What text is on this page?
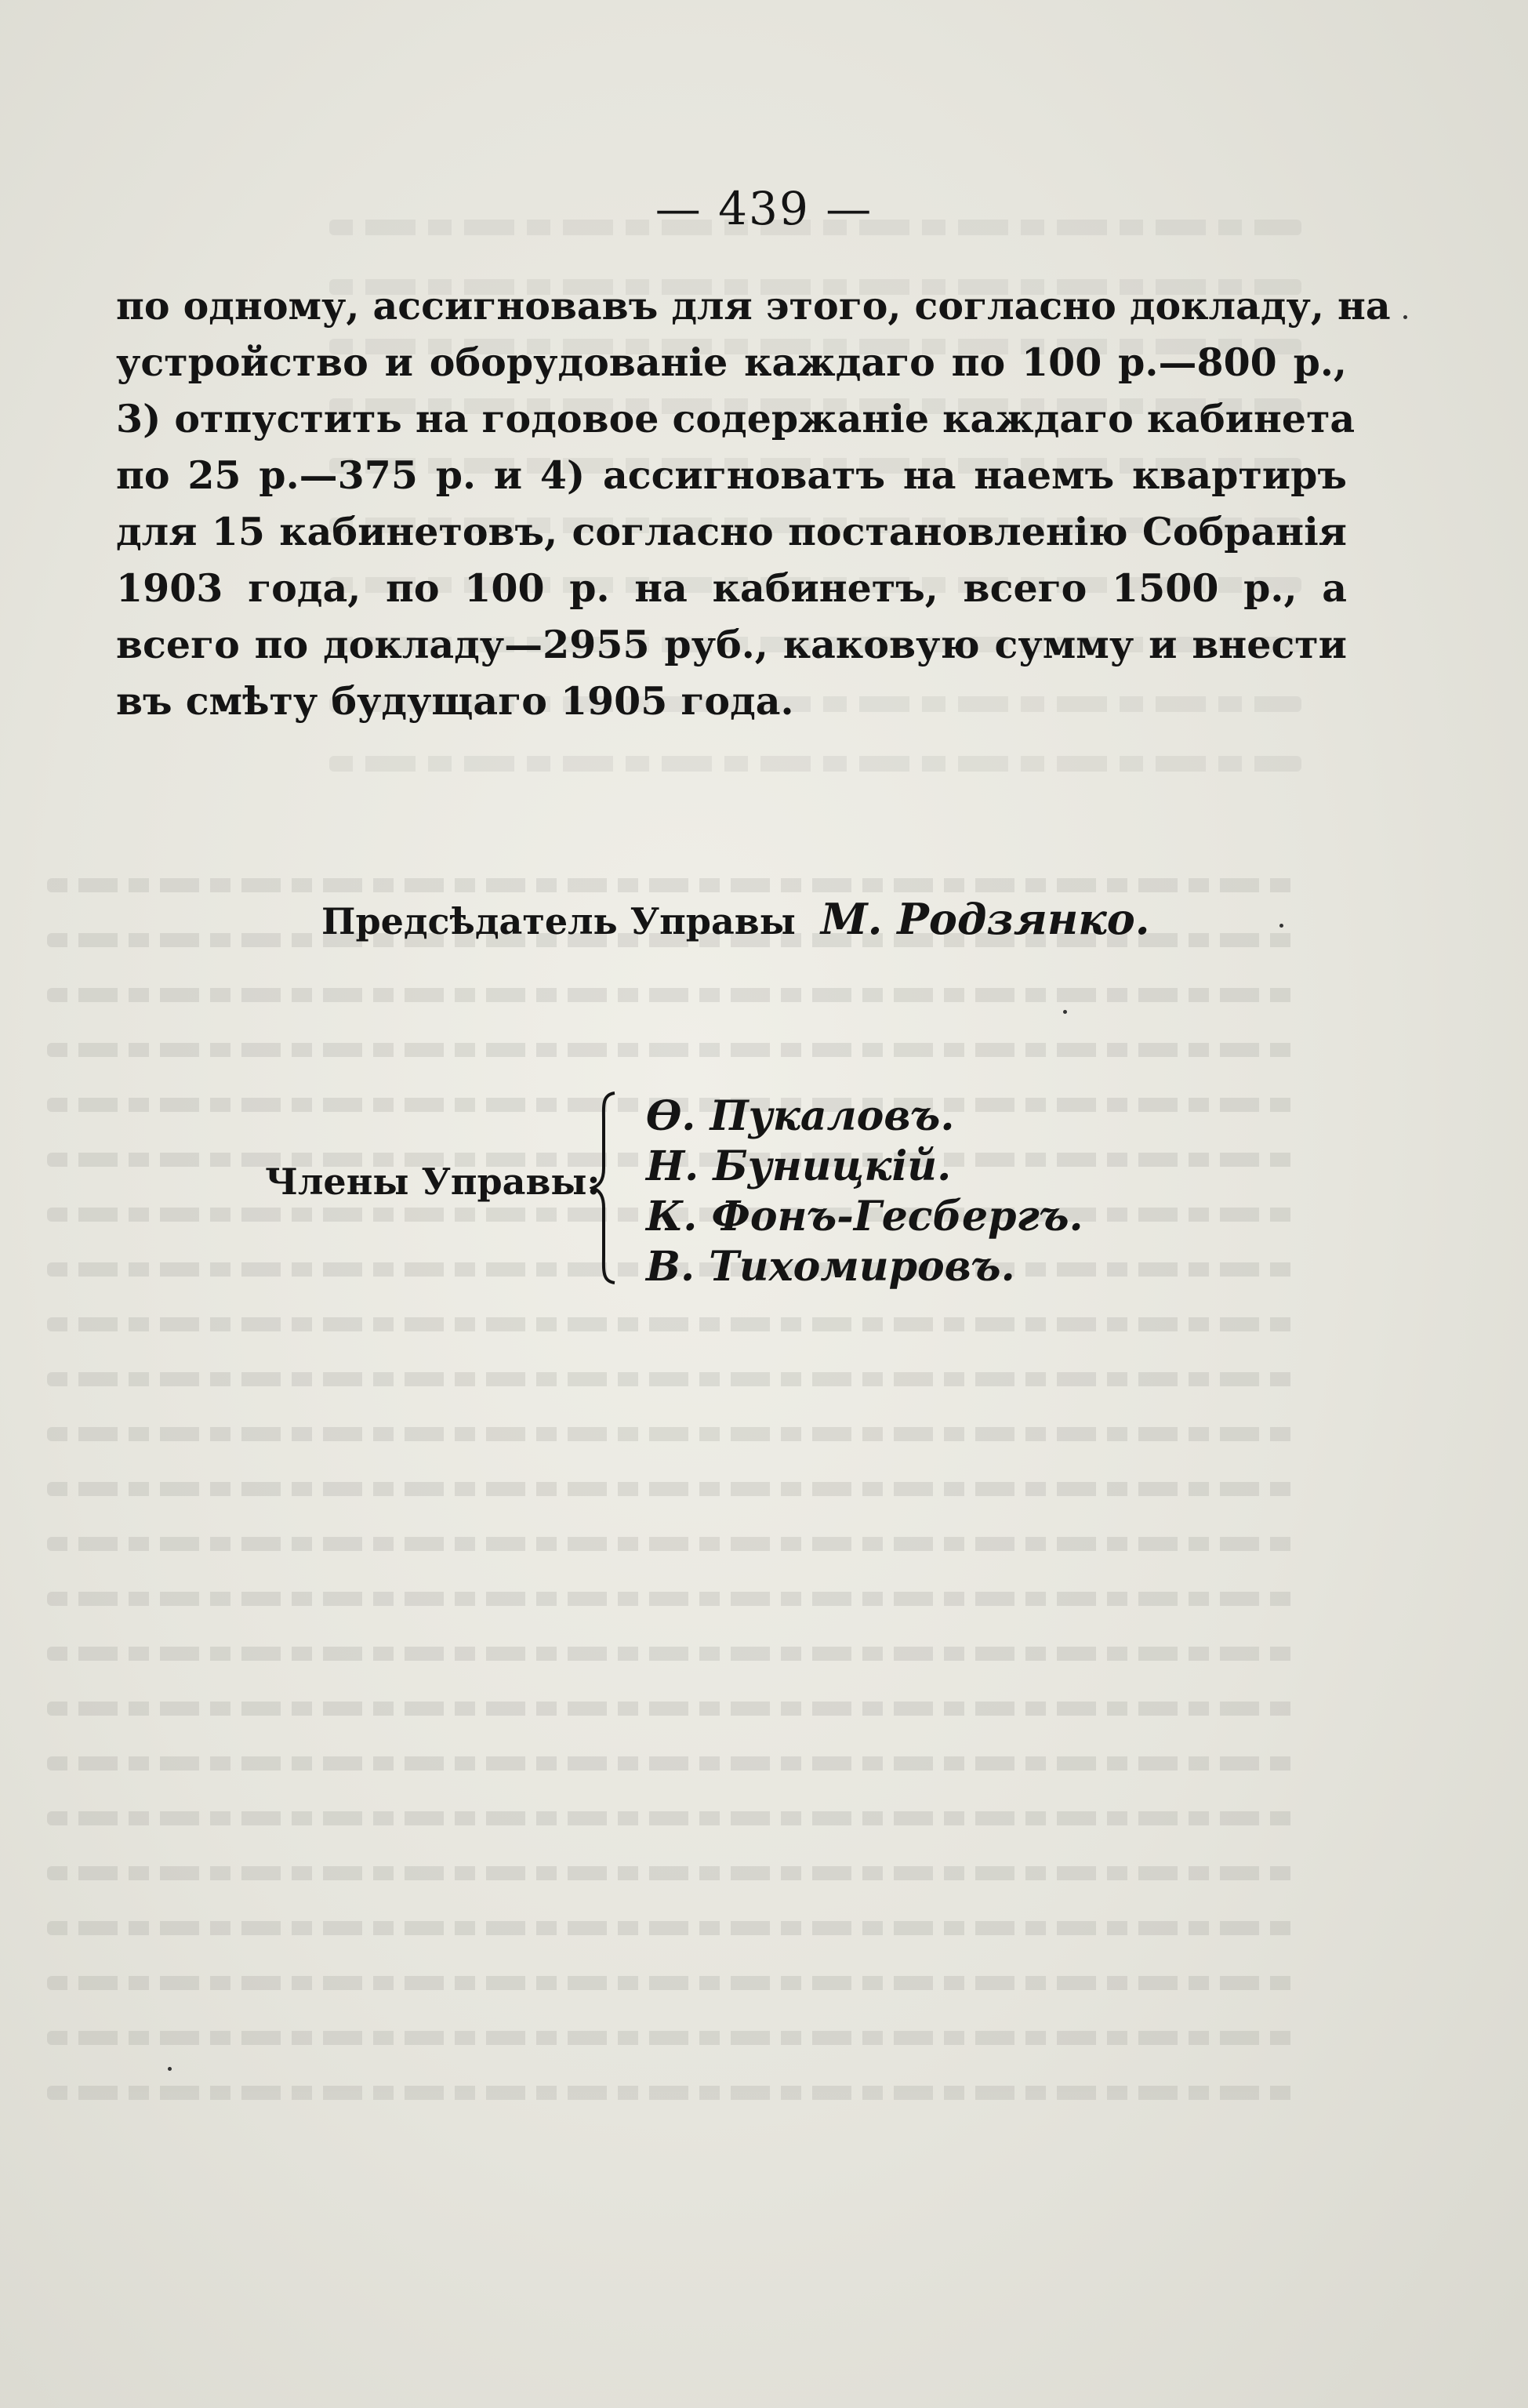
— 439 —
по одному, ассигновавъ для этого, согласно докладу, на
устройство и оборудованіе каждаго по 100 р.—800 р.,
3) отпустить на годовое содержаніе каждаго кабинета
по 25 р.—375 р. и 4) ассигноватъ на наемъ квартиръ
для 15 кабинетовъ, согласно постановленію Собранія
1903 года, по 100 р. на кабинетъ, всего 1500 р., а
всего по докладу—2955 руб., каковую сумму и внести
въ смѣту будущаго 1905 года.
Предсѣдатель Управы М. Родзянко.
Члены Управы:
Ѳ. Пукаловъ.
Н. Буницкій.
К. Фонъ-Гесбергъ.
В. Тихомировъ.
